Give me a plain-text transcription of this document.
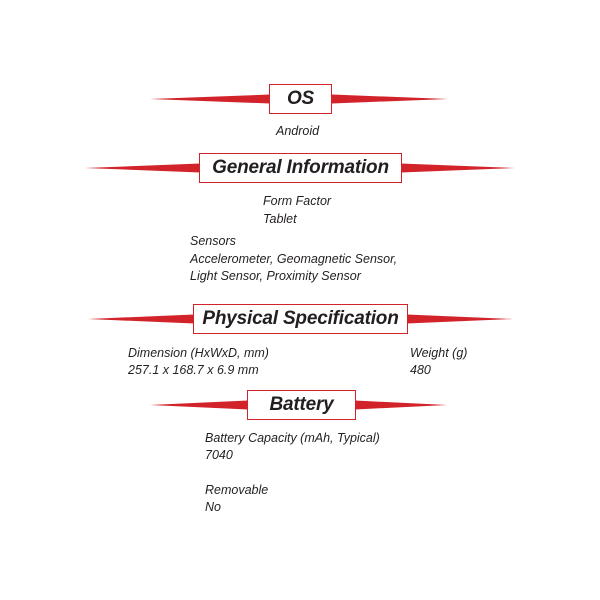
OS
Android
General Information
Form Factor
Tablet
Sensors
Accelerometer, Geomagnetic Sensor,
Light Sensor, Proximity Sensor
Physical Specification
Dimension (HxWxD, mm)
257.1 x 168.7 x 6.9 mm
Weight (g)
480
Battery
Battery Capacity (mAh, Typical)
7040
Removable
No
